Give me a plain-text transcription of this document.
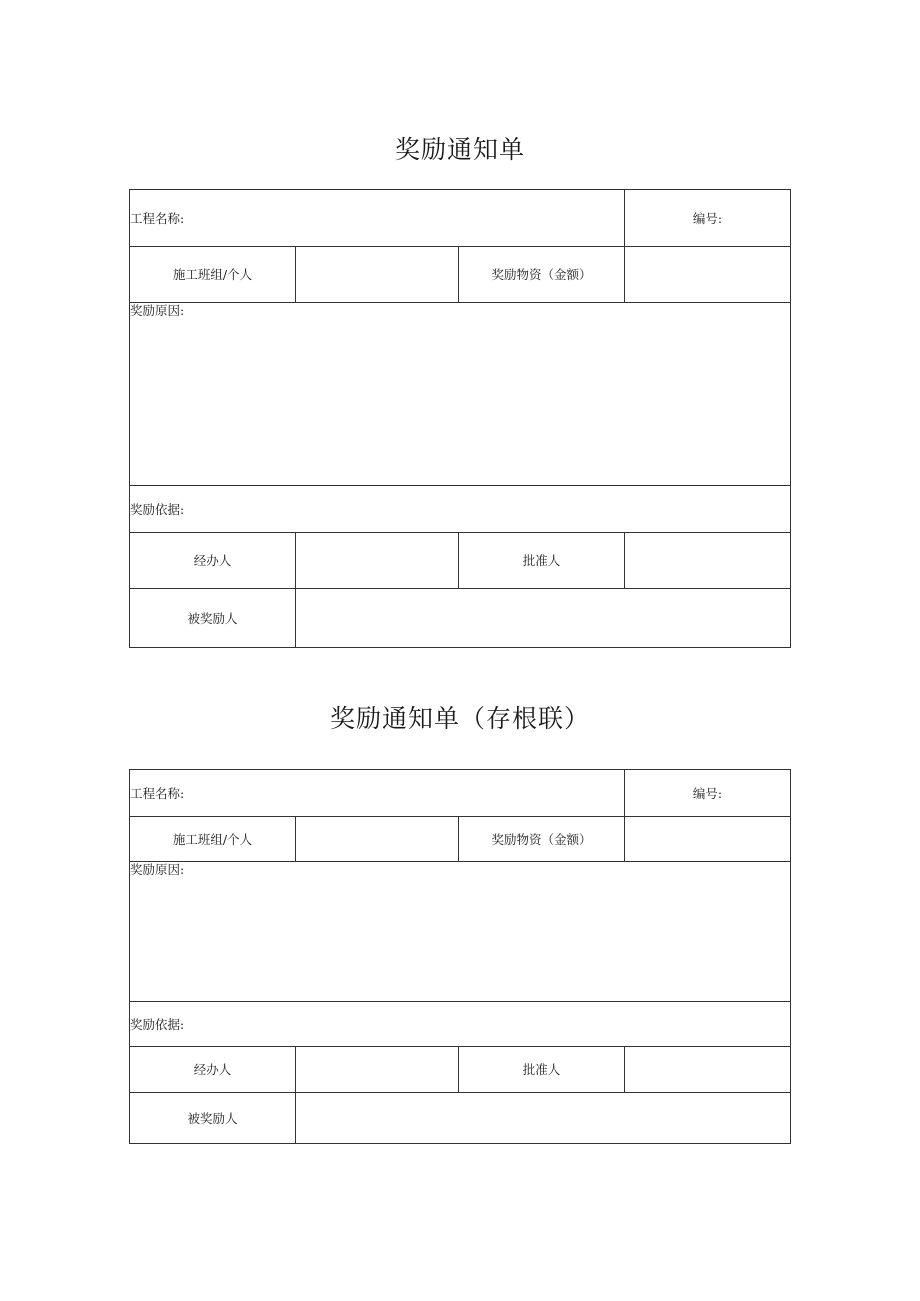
奖励通知单
工程名称:			编号:
施工班组/个人		奖励物资（金额）	
奖励原因:			
奖励依据:			
经办人		批准人	
被奖励人			
奖励通知单（存根联）
工程名称:			编号:
施工班组/个人		奖励物资（金额）	
奖励原因:			
奖励依据:			
经办人		批准人	
被奖励人			
